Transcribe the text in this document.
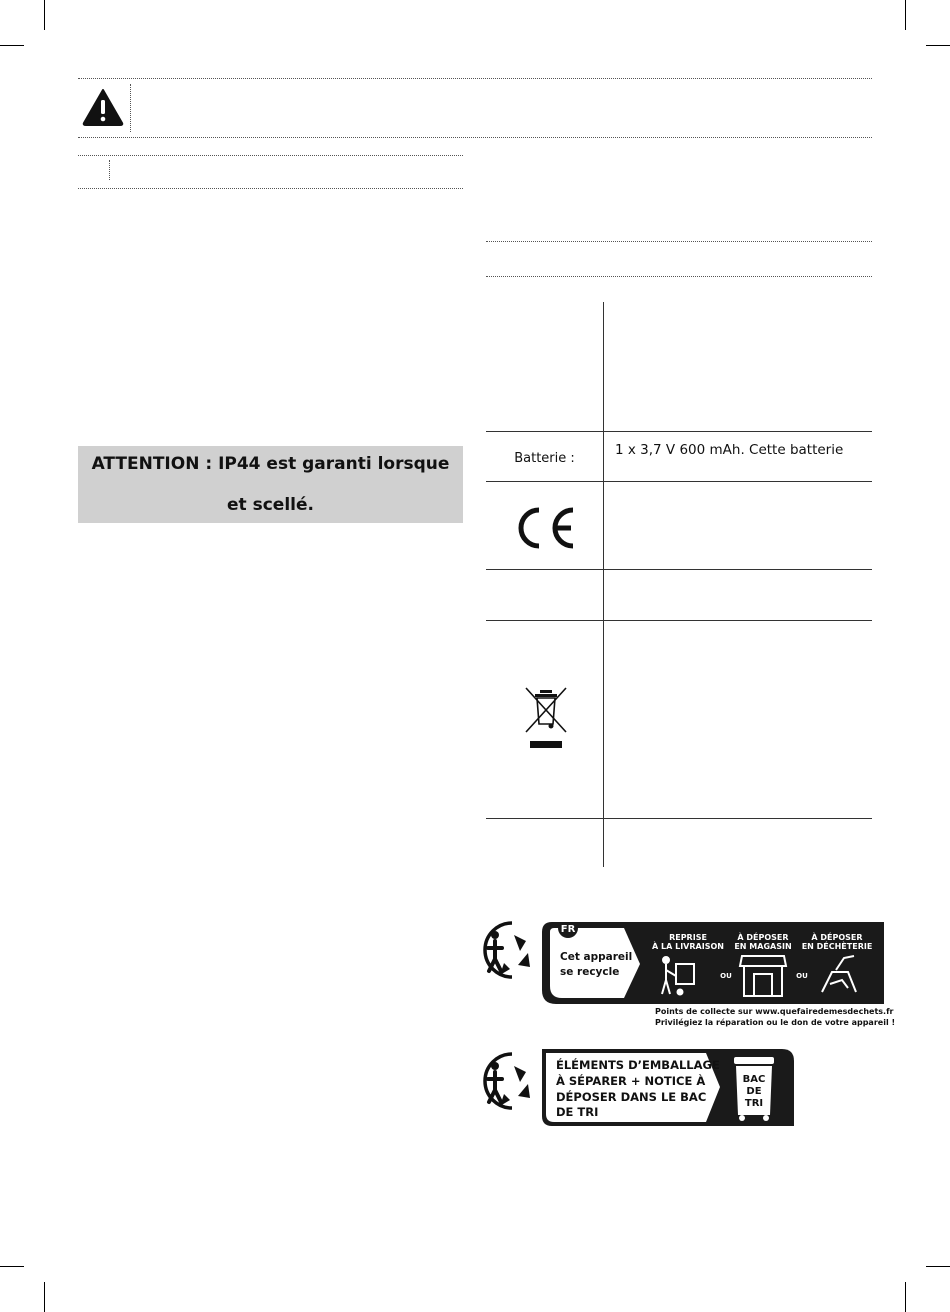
ATTENTION : IP44 est garanti lorsque
et scellé.
Batterie :
1 x 3,7 V 600 mAh. Cette batterie
FR
Cet appareil
se recycle
REPRISE
À LA LIVRAISON
À DÉPOSER
EN MAGASIN
À DÉPOSER
EN DÉCHÈTERIE
OU	OU
Points de collecte sur www.quefairedemesdechets.fr
Privilégiez la réparation ou le don de votre appareil !
ÉLÉMENTS D’EMBALLAGE
À SÉPARER + NOTICE À
DÉPOSER DANS LE BAC
DE TRI
BAC
DE
TRI
